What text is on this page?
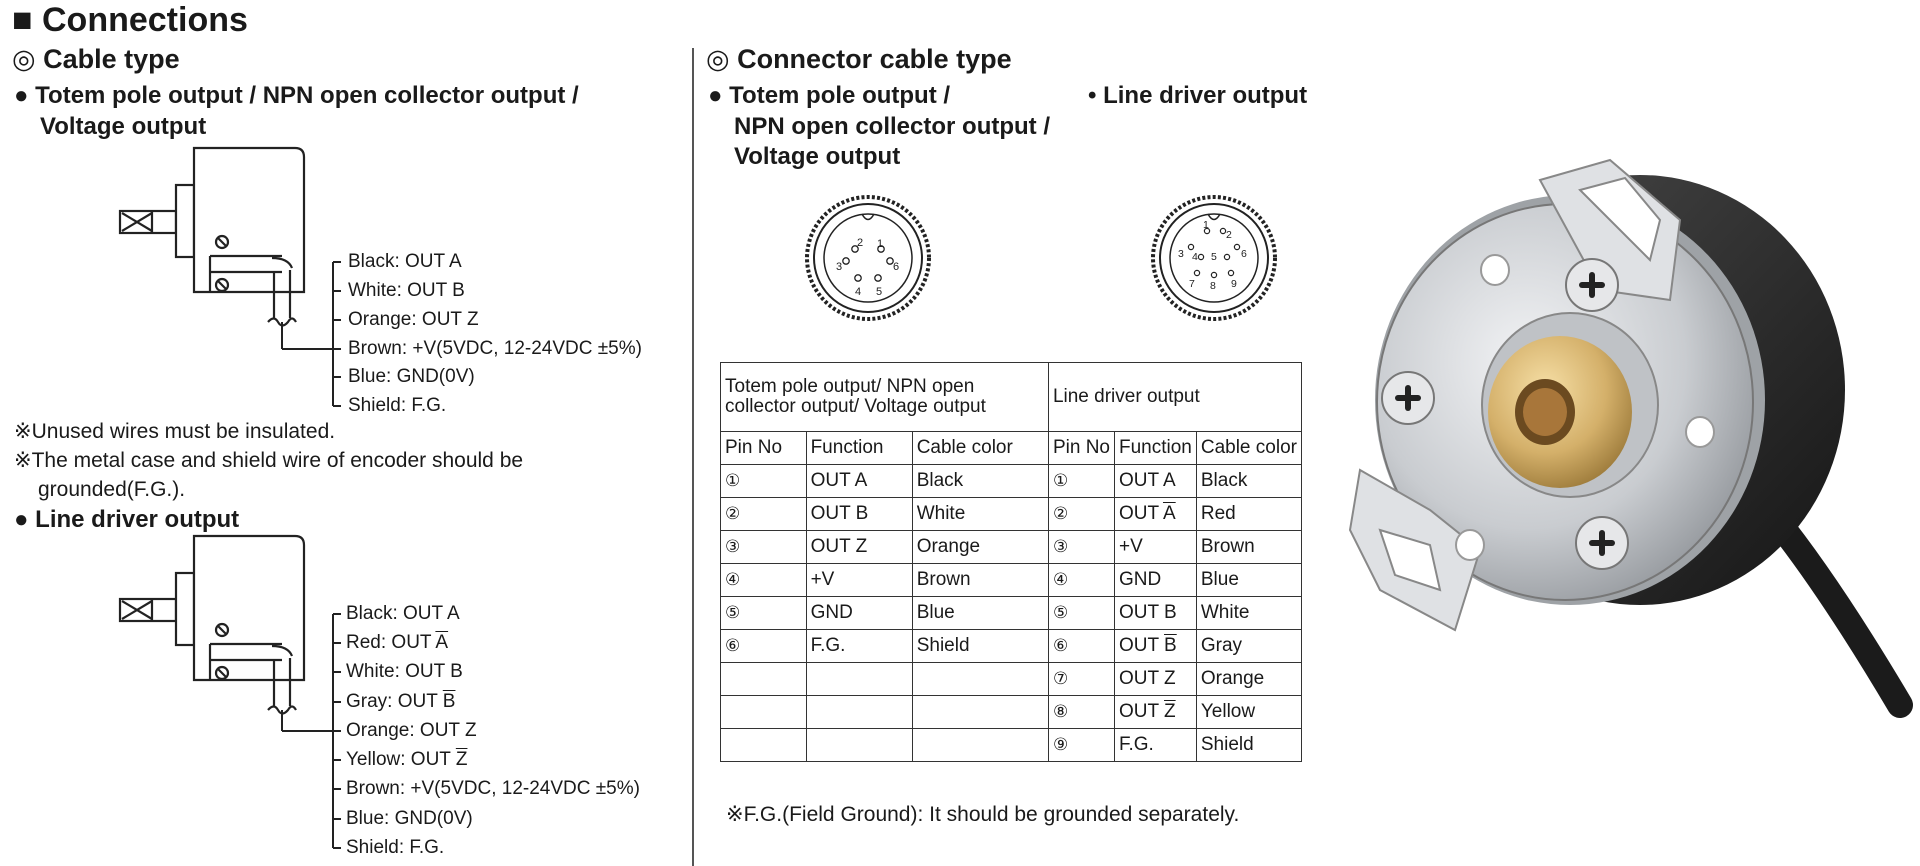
■ Connections
◎ Cable type
● Totem pole output / NPN open collector output /
Voltage output
Black: OUT A
White: OUT B
Orange: OUT Z
Brown: +V(5VDC, 12-24VDC ±5%)
Blue: GND(0V)
Shield: F.G.
※Unused wires must be insulated.
※The metal case and shield wire of encoder should be
grounded(F.G.).
● Line driver output
Black: OUT A
Red: OUT $\overline{A}$
White: OUT B
Gray: OUT $\overline{B}$
Orange: OUT Z
Yellow: OUT $\overline{Z}$
Brown: +V(5VDC, 12-24VDC ±5%)
Blue: GND(0V)
Shield: F.G.
◎ Connector cable type
● Totem pole output /
NPN open collector output /
Voltage output
• Line driver output
1
2
3
4 5
6
1
2
3 4 5 6
7 8 9
Totem pole output/ NPN open collector output/ Voltage output			Line driver output		
Pin No	Function	Cable color	Pin No	Function	Cable color
①	OUT A	Black	①	OUT A	Black
②	OUT B	White	②	OUT $\overline{A}$	Red
③	OUT Z	Orange	③	+V	Brown
④	+V	Brown	④	GND	Blue
⑤	GND	Blue	⑤	OUT B	White
⑥	F.G.	Shield	⑥	OUT $\overline{B}$	Gray
			⑦	OUT Z	Orange
			⑧	OUT $\overline{Z}$	Yellow
			⑨	F.G.	Shield
※F.G.(Field Ground): It should be grounded separately.
